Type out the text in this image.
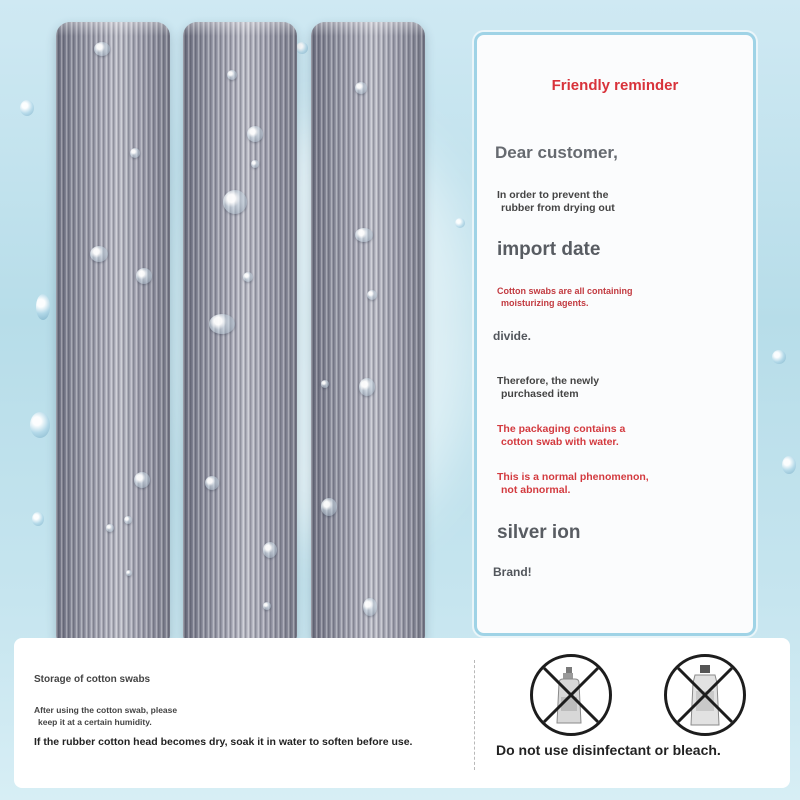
Friendly reminder

Dear customer,

In order to prevent the
rubber from drying out

import date

Cotton swabs are all containing
moisturizing agents.

divide.

Therefore, the newly
purchased item
The packaging contains a
cotton swab with water.
This is a normal phenomenon,
not abnormal.

silver ion

Brand!

Storage of cotton swabs

After using the cotton swab, please
keep it at a certain humidity.

If the rubber cotton head becomes dry, soak it in water to soften before use.	Do not use disinfectant or bleach.
